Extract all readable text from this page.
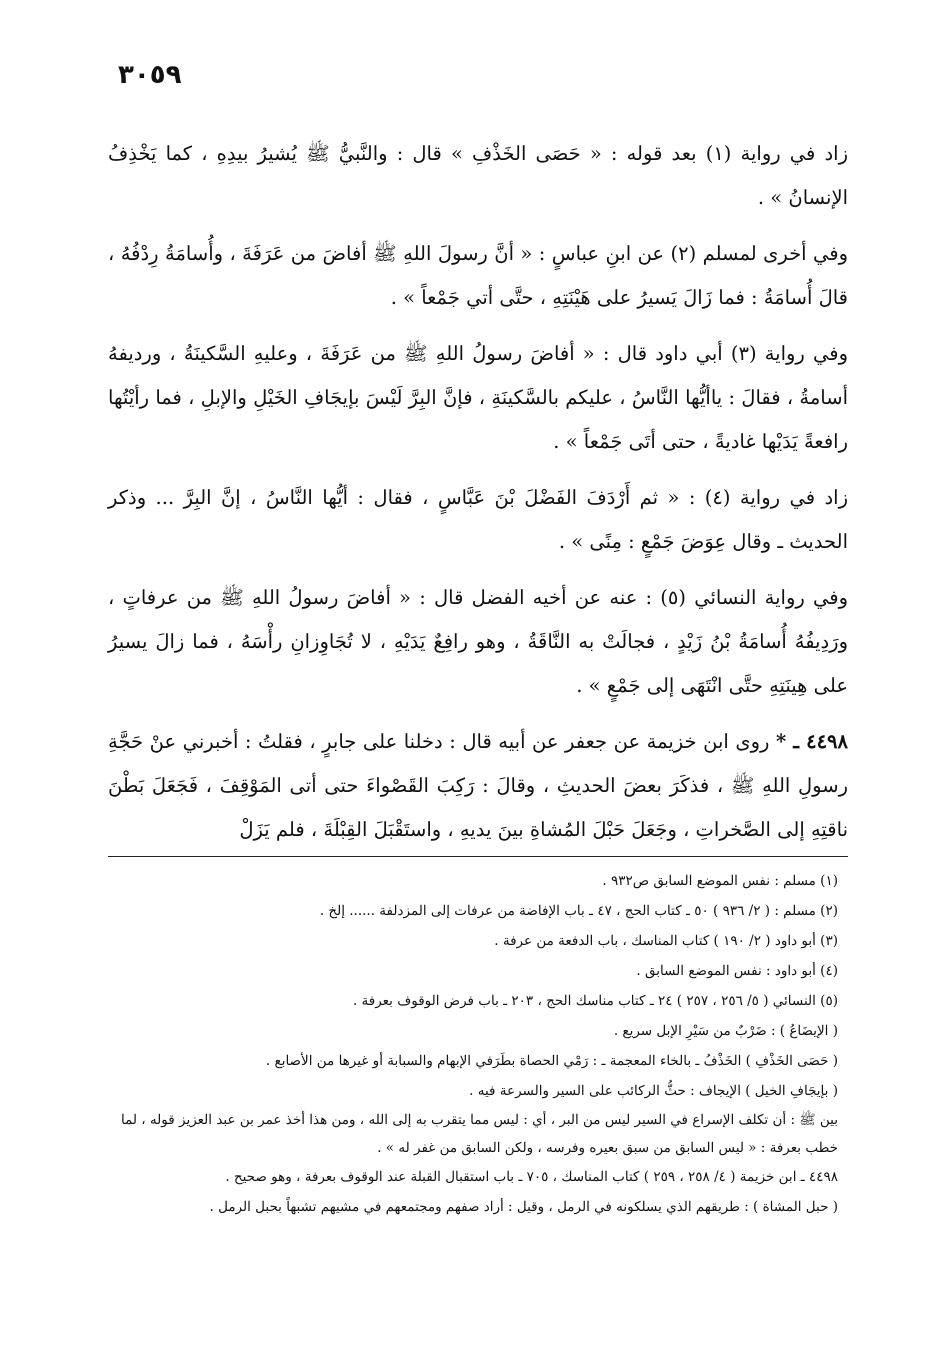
٣٠٥٩

زاد في رواية (١) بعد قوله : « حَصَى الخَذْفِ » قال : والنَّبيُّ ﷺ يُشيرُ بيدِهِ ، كما يَخْذِفُ الإنسانُ » .

وفي أخرى لمسلم (٢) عن ابنِ عباسٍ : « أنَّ رسولَ اللهِ ﷺ أفاضَ من عَرَفَةَ ، وأُسامَةُ رِدْفُهُ ، قالَ أُسامَةُ : فما زَالَ يَسيرُ على هَيْنَتِهِ ، حتَّى أتي جَمْعاً » .

وفي رواية (٣) أبي داود قال : « أفاضَ رسولُ اللهِ ﷺ من عَرَفَةَ ، وعليهِ السَّكينَةُ ، ورديفهُ أسامةُ ، فقالَ : ياأيُّها النَّاسُ ، عليكم بالسَّكينَةِ ، فإنَّ البِرَّ لَيْسَ بإيجَافِ الخَيْلِ والإبلِ ، فما رأيْتُها رافعةً يَدَيْها غاديةً ، حتى أتَى جَمْعاً » .

زاد في رواية (٤) : « ثم أَرْدَفَ الفَضْلَ بْنَ عَبَّاسٍ ، فقال : أيُّها النَّاسُ ، إنَّ البِرَّ ... وذكر الحديث ـ وقال عِوَضَ جَمْعٍ : مِنًى » .

وفي رواية النسائي (٥) : عنه عن أخيه الفضل قال : « أفاضَ رسولُ اللهِ ﷺ من عرفاتٍ ، ورَدِيفُهُ أُسامَةُ بْنُ زَيْدٍ ، فجالَتْ به النَّاقَةُ ، وهو رافِعٌ يَدَيْهِ ، لا تُجَاوِزانِ رأْسَهُ ، فما زالَ يسيرُ على هِينَتِهِ حتَّى انْتَهَى إلى جَمْعٍ » .

٤٤٩٨ ـ * روى ابن خزيمة عن جعفر عن أبيه قال : دخلنا على جابرٍ ، فقلتُ : أخبرني عنْ حَجَّةِ رسولِ اللهِ ﷺ ، فذكَرَ بعضَ الحديثِ ، وقالَ : رَكِبَ القَصْواءَ حتى أتى المَوْقِفَ ، فَجَعَلَ بَطْنَ ناقتِهِ إلى الصَّخراتِ ، وجَعَلَ حَبْلَ المُشاةِ بينَ يديهِ ، واستَقْبَلَ القِبْلَةَ ، فلم يَزَلْ

(١) مسلم : نفس الموضع السابق ص٩٣٢ .

(٢) مسلم : ( ٢/ ٩٣٦ ) ٥٠ ـ كتاب الحج ، ٤٧ ـ باب الإفاضة من عرفات إلى المزدلفة ...... إلخ .

(٣) أبو داود ( ٢/ ١٩٠ ) كتاب المناسك ، باب الدفعة من عرفة .

(٤) أبو داود : نفس الموضع السابق .

(٥) النسائي ( ٥/ ٢٥٦ ، ٢٥٧ ) ٢٤ ـ كتاب مناسك الحج ، ٢٠٣ ـ باب فرض الوقوف بعرفة .

( الإيضَاعُ ) : ضَرْبٌ من سَيْرِ الإبل سريع .

( حَصَى الخَذْفِ ) الخَذْفُ ـ بالخاء المعجمة ـ : رَمْي الحصاة بطَرَفي الإبهام والسبابة أو غيرها من الأصابع .

( بإيجَافِ الخيل ) الإيجاف : حثُّ الركائب على السير والسرعة فيه .

بين ﷺ : أن تكلف الإسراع في السير ليس من البر ، أي : ليس مما يتقرب به إلى الله ، ومن هذا أخذ عمر بن عبد العزيز قوله ، لما خطب بعرفة : « ليس السابق من سبق بعيره وفرسه ، ولكن السابق من غفر له » .

٤٤٩٨ ـ ابن خزيمة ( ٤/ ٢٥٨ ، ٢٥٩ ) كتاب المناسك ، ٧٠٥ ـ باب استقبال القبلة عند الوقوف بعرفة ، وهو صحيح .

( حبل المشاة ) : طريقهم الذي يسلكونه في الرمل ، وقيل : أراد صفهم ومجتمعهم في مشيهم تشبهاً بحبل الرمل .
